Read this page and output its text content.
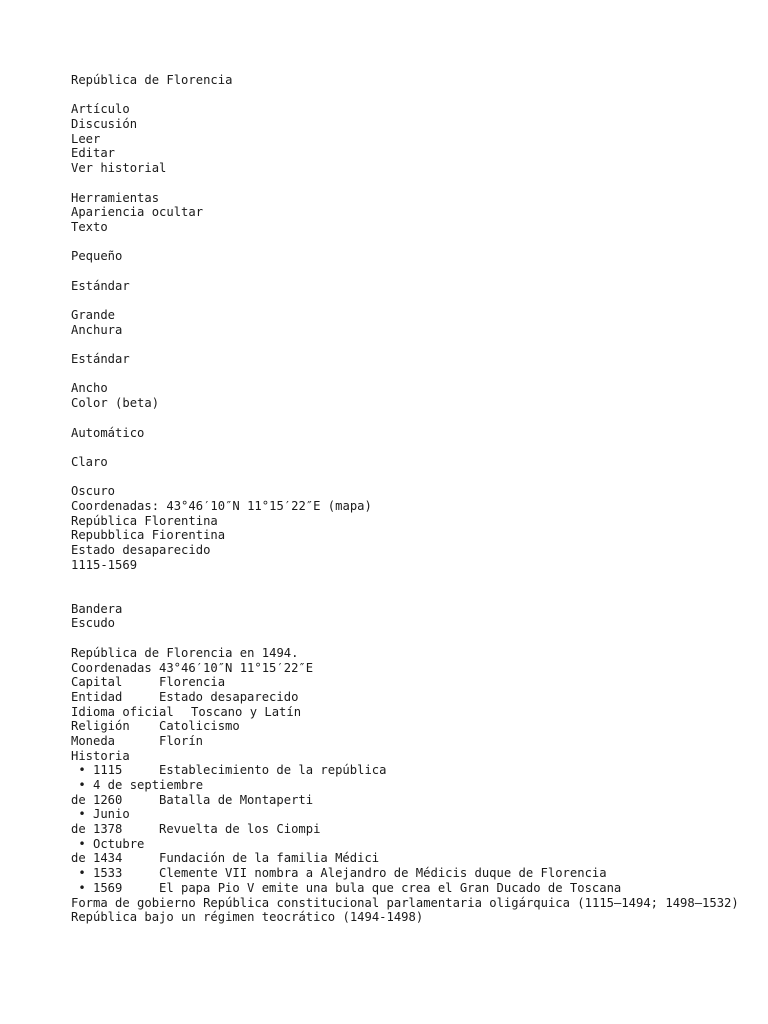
República de Florencia
Artículo
Discusión
Leer
Editar
Ver historial
Herramientas
Apariencia ocultar
Texto
Pequeño
Estándar
Grande
Anchura
Estándar
Ancho
Color (beta)
Automático
Claro
Oscuro
Coordenadas: 43°46′10″N 11°15′22″E (mapa)
República Florentina
Repubblica Fiorentina
Estado desaparecido
1115-1569
Bandera
Escudo
República de Florencia en 1494.
Coordenadas 43°46′10″N 11°15′22″E
Capital	Florencia
Entidad	Estado desaparecido
Idioma oficial Toscano y Latín
Religión Catolicismo
Moneda	Florín
Historia
• 1115	Establecimiento de la república
• 4 de septiembre
de 1260	Batalla de Montaperti
• Junio
de 1378	Revuelta de los Ciompi
• Octubre
de 1434	Fundación de la familia Médici
• 1533	Clemente VII nombra a Alejandro de Médicis duque de Florencia
• 1569	El papa Pio V emite una bula que crea el Gran Ducado de Toscana
Forma de gobierno República constitucional parlamentaria oligárquica (1115–1494; 1498–1532)
República bajo un régimen teocrático (1494-1498)
